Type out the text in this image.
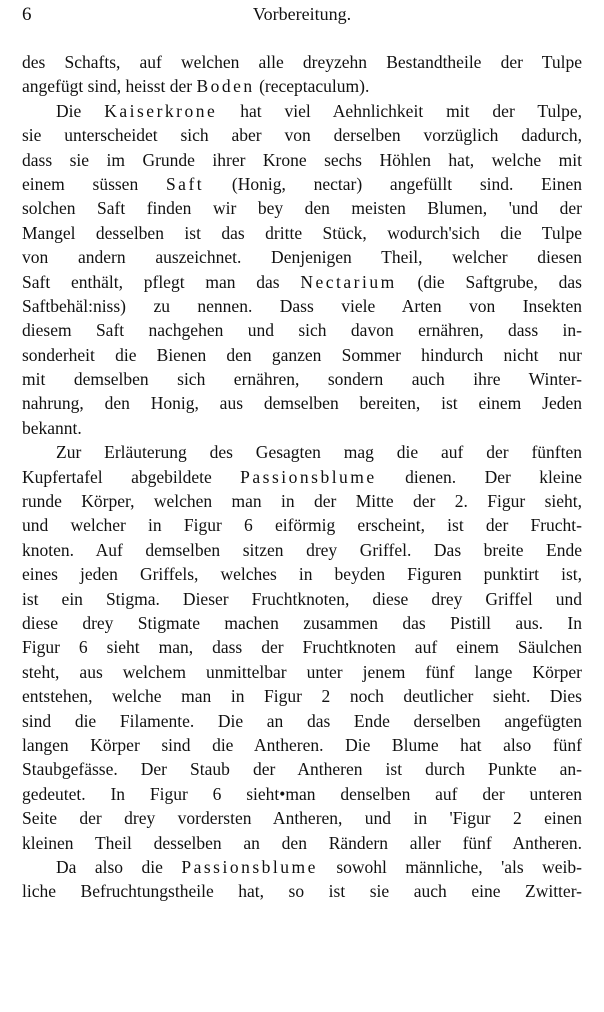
6	Vorbereitung.
des Schafts, auf welchen alle dreyzehn Bestandtheile der Tulpe
angefügt sind, heisst der Boden (receptaculum).
Die Kaiserkrone hat viel Aehnlichkeit mit der Tulpe,
sie unterscheidet sich aber von derselben vorzüglich dadurch,
dass sie im Grunde ihrer Krone sechs Höhlen hat, welche mit
einem süssen Saft (Honig, nectar) angefüllt sind. Einen
solchen Saft finden wir bey den meisten Blumen, 'und der
Mangel desselben ist das dritte Stück, wodurch'sich die Tulpe
von andern auszeichnet. Denjenigen Theil, welcher diesen
Saft enthält, pflegt man das Nectarium (die Saftgrube, das
Saftbehäl:niss) zu nennen. Dass viele Arten von Insekten
diesem Saft nachgehen und sich davon ernähren, dass in-
sonderheit die Bienen den ganzen Sommer hindurch nicht nur
mit demselben sich ernähren, sondern auch ihre Winter-
nahrung, den Honig, aus demselben bereiten, ist einem Jeden
bekannt.
Zur Erläuterung des Gesagten mag die auf der fünften
Kupfertafel abgebildete Passionsblume dienen. Der kleine
runde Körper, welchen man in der Mitte der 2. Figur sieht,
und welcher in Figur 6 eiförmig erscheint, ist der Frucht-
knoten. Auf demselben sitzen drey Griffel. Das breite Ende
eines jeden Griffels, welches in beyden Figuren punktirt ist,
ist ein Stigma. Dieser Fruchtknoten, diese drey Griffel und
diese drey Stigmate machen zusammen das Pistill aus. In
Figur 6 sieht man, dass der Fruchtknoten auf einem Säulchen
steht, aus welchem unmittelbar unter jenem fünf lange Körper
entstehen, welche man in Figur 2 noch deutlicher sieht. Dies
sind die Filamente. Die an das Ende derselben angefügten
langen Körper sind die Antheren. Die Blume hat also fünf
Staubgefässe. Der Staub der Antheren ist durch Punkte an-
gedeutet. In Figur 6 sieht•man denselben auf der unteren
Seite der drey vordersten Antheren, und in 'Figur 2 einen
kleinen Theil desselben an den Rändern aller fünf Antheren.
Da also die Passionsblume sowohl männliche, 'als weib-
liche Befruchtungstheile hat, so ist sie auch eine Zwitter-
